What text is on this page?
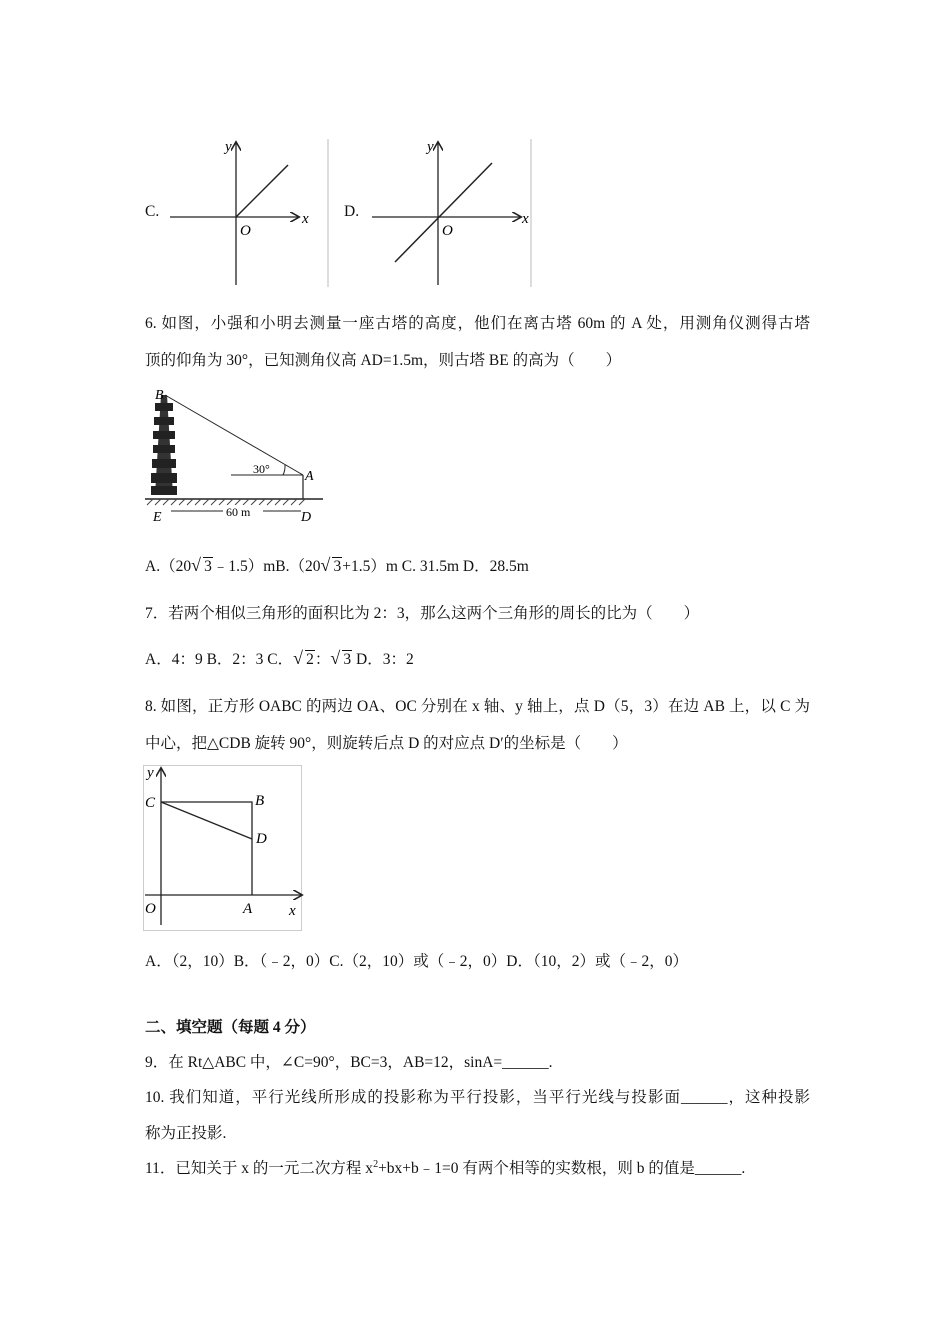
C.
y
x
O
D.
y
x
O
6. 如图，小强和小明去测量一座古塔的高度，他们在离古塔 60m 的 A 处，用测角仪测得古塔
顶的仰角为 30°，已知测角仪高 AD=1.5m，则古塔 BE 的高为（　　）
B
A
30°
E	D
60 m
A.（20 √ 3﹣1.5）mB.（20 √ 3+1.5）m C. 31.5m D．28.5m
7．若两个相似三角形的面积比为 2：3，那么这两个三角形的周长的比为（　　）
A．4：9 B．2：3 C． √ 2： √ 3 D．3：2
8. 如图，正方形 OABC 的两边 OA、OC 分别在 x 轴、y 轴上，点 D（5，3）在边 AB 上，以 C 为
中心，把△CDB 旋转 90°，则旋转后点 D 的对应点 D′的坐标是（　　）
y
x
O	A
B
C
D
A．（2，10）B．（﹣2，0）C.（2，10）或（﹣2，0）D．（10，2）或（﹣2，0）
二、填空题（每题 4 分）
9．在 Rt△ABC 中，∠C=90°，BC=3，AB=12，sinA=______.
10. 我们知道，平行光线所形成的投影称为平行投影，当平行光线与投影面______，这种投影
称为正投影.
11．已知关于 x 的一元二次方程 $x^2+bx+b﹣1=0$ 有两个相等的实数根，则 b 的值是______.
